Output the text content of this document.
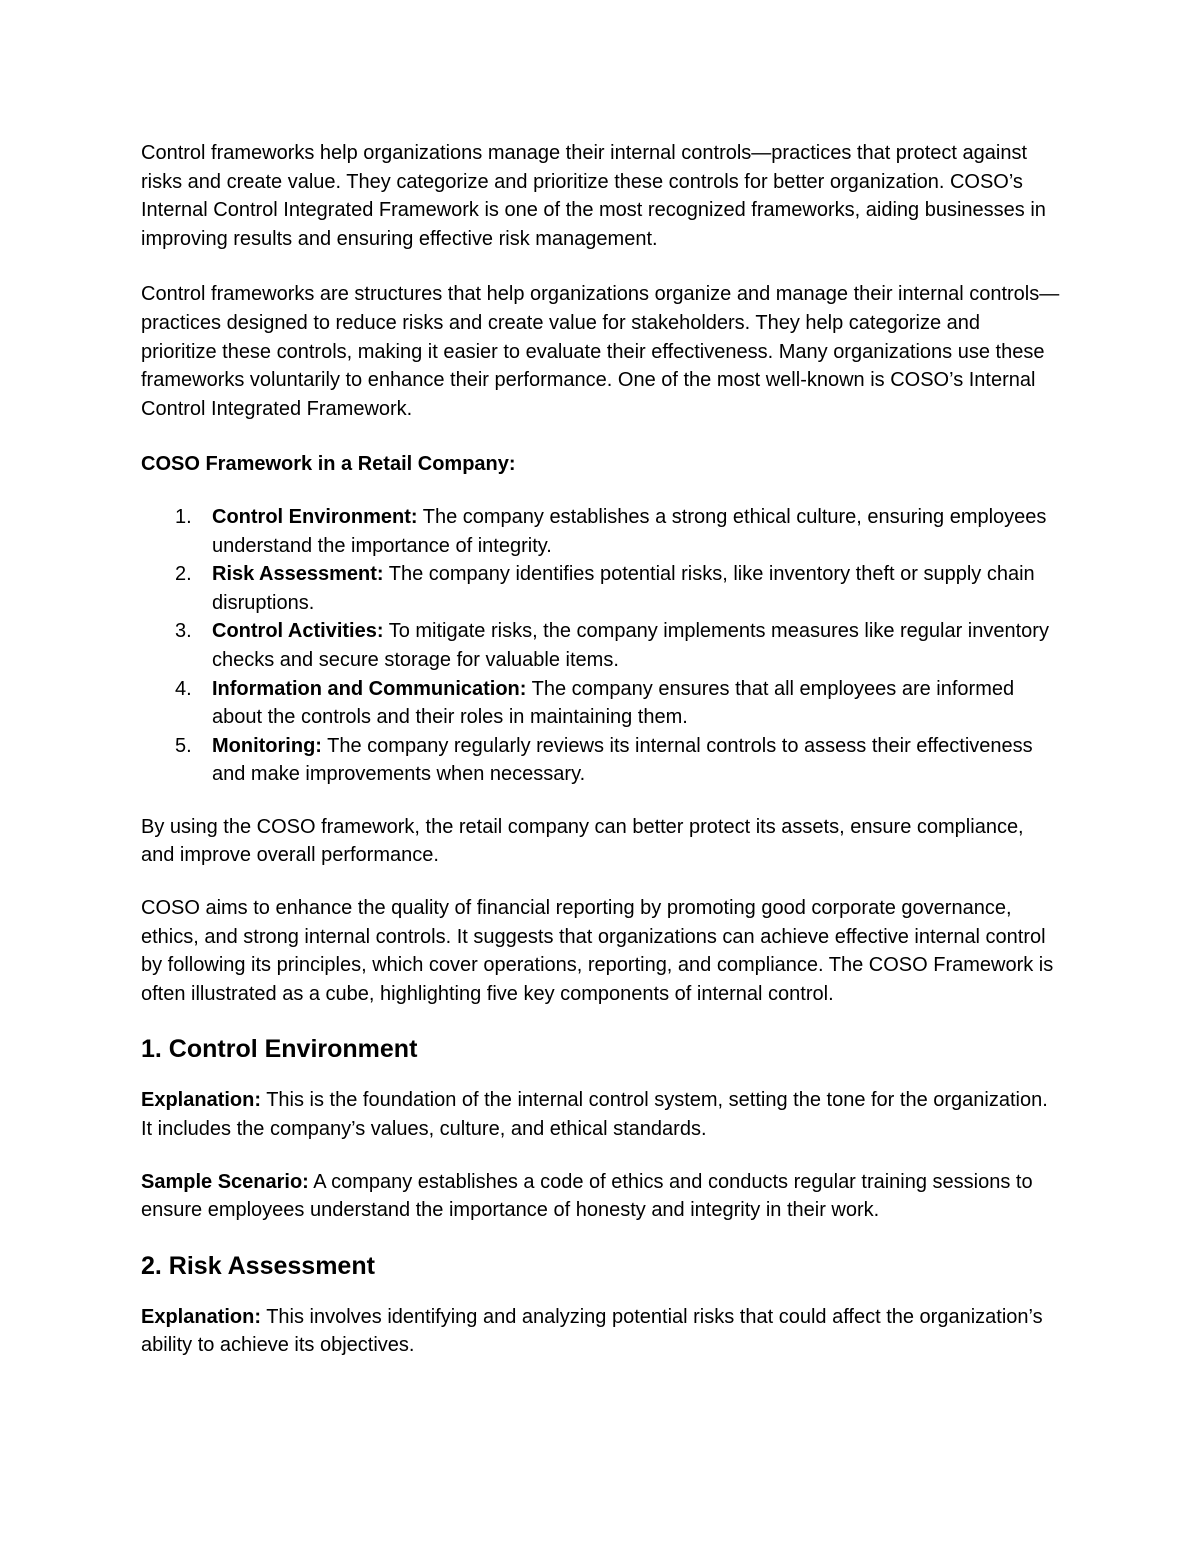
Control frameworks help organizations manage their internal controls—practices that protect against risks and create value. They categorize and prioritize these controls for better organization. COSO’s Internal Control Integrated Framework is one of the most recognized frameworks, aiding businesses in improving results and ensuring effective risk management.

Control frameworks are structures that help organizations organize and manage their internal controls—practices designed to reduce risks and create value for stakeholders. They help categorize and prioritize these controls, making it easier to evaluate their effectiveness. Many organizations use these frameworks voluntarily to enhance their performance. One of the most well-known is COSO’s Internal Control Integrated Framework.

COSO Framework in a Retail Company:

1. Control Environment: The company establishes a strong ethical culture, ensuring employees understand the importance of integrity.
2. Risk Assessment: The company identifies potential risks, like inventory theft or supply chain disruptions.
3. Control Activities: To mitigate risks, the company implements measures like regular inventory checks and secure storage for valuable items.
4. Information and Communication: The company ensures that all employees are informed about the controls and their roles in maintaining them.
5. Monitoring: The company regularly reviews its internal controls to assess their effectiveness and make improvements when necessary.

By using the COSO framework, the retail company can better protect its assets, ensure compliance, and improve overall performance.

COSO aims to enhance the quality of financial reporting by promoting good corporate governance, ethics, and strong internal controls. It suggests that organizations can achieve effective internal control by following its principles, which cover operations, reporting, and compliance. The COSO Framework is often illustrated as a cube, highlighting five key components of internal control.

1. Control Environment

Explanation: This is the foundation of the internal control system, setting the tone for the organization. It includes the company’s values, culture, and ethical standards.

Sample Scenario: A company establishes a code of ethics and conducts regular training sessions to ensure employees understand the importance of honesty and integrity in their work.

2. Risk Assessment

Explanation: This involves identifying and analyzing potential risks that could affect the organization’s ability to achieve its objectives.
